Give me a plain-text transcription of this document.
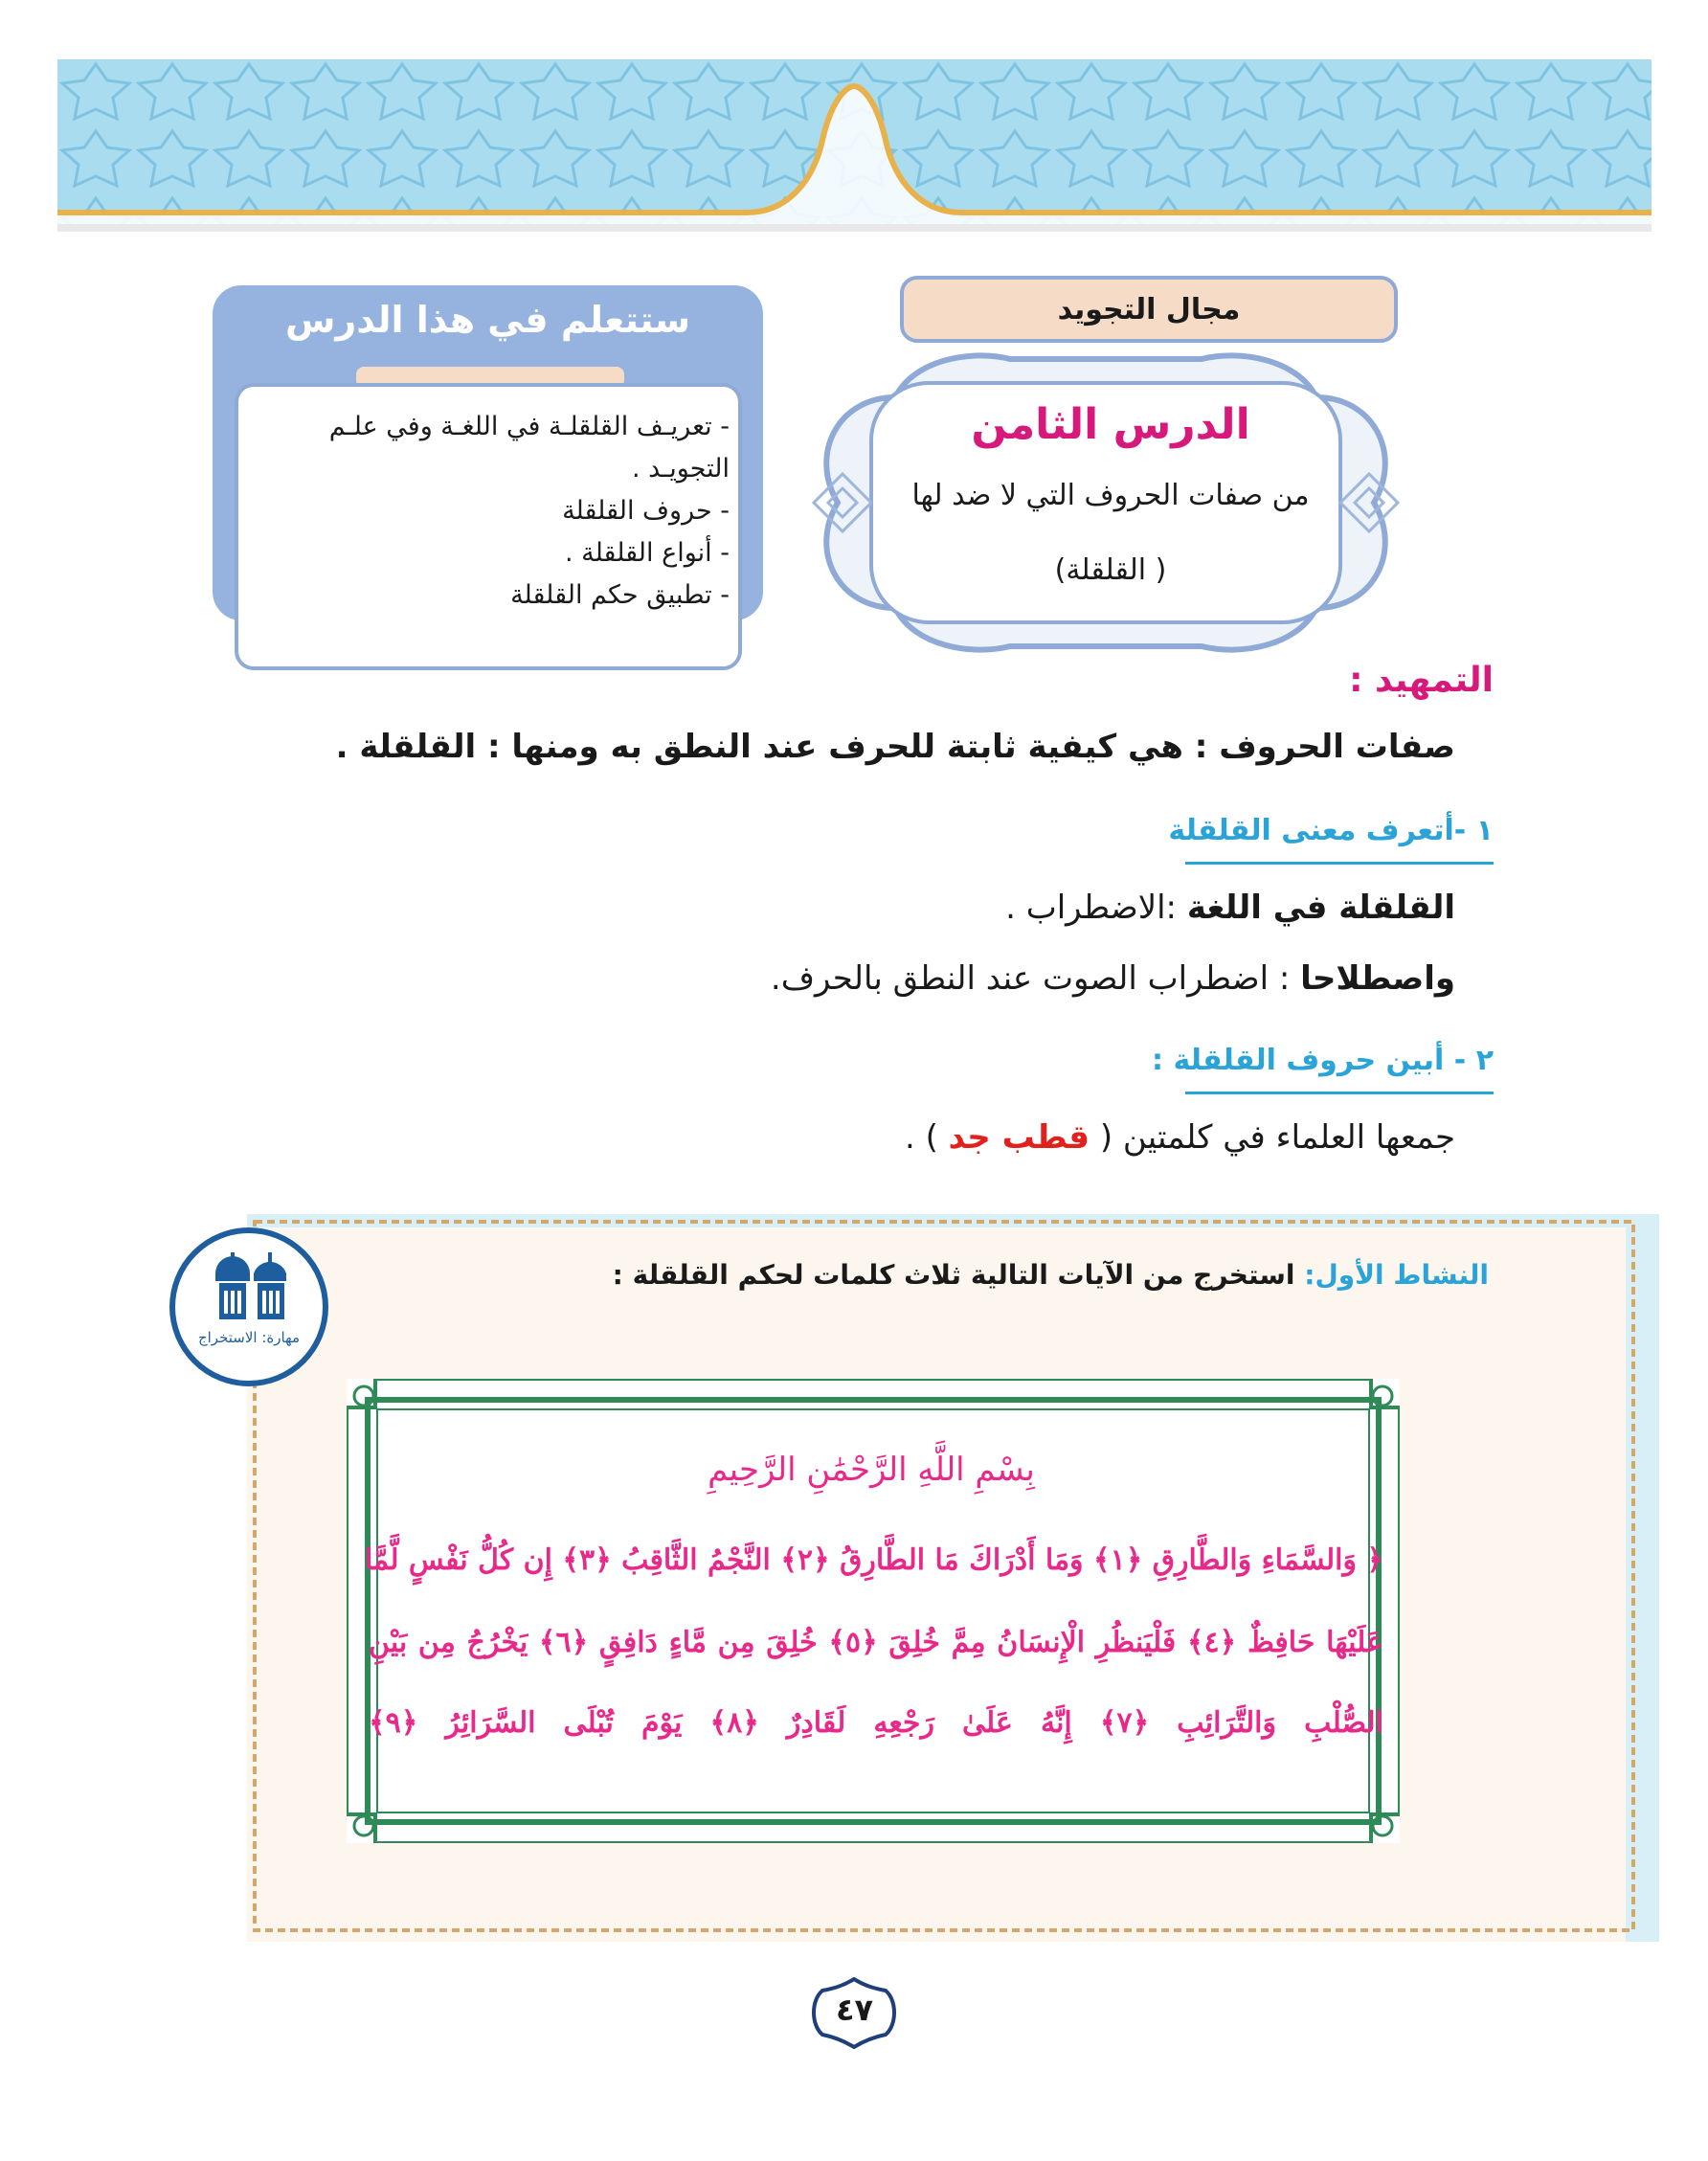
مجال التجويد
الدرس الثامن
من صفات الحروف التي لا ضد لها
( القلقلة)
ستتعلم في هذا الدرس
- تعريـف القلقلـة في اللغـة وفي علـم
التجويـد .
- حروف القلقلة
- أنواع القلقلة .
- تطبيق حكم القلقلة
التمهيد :
صفات الحروف : هي كيفية ثابتة للحرف عند النطق به ومنها : القلقلة .
١ -أتعرف معنى القلقلة
القلقلة في اللغة :الاضطراب .
واصطلاحا : اضطراب الصوت عند النطق بالحرف.
٢ - أبين حروف القلقلة :
جمعها العلماء في كلمتين ( قطب جد ) .
النشاط الأول: استخرج من الآيات التالية ثلاث كلمات لحكم القلقلة :
مهارة: الاستخراج
بِسْمِ اللَّهِ الرَّحْمَٰنِ الرَّحِيمِ
﴿ وَالسَّمَاءِ وَالطَّارِقِ ﴿١﴾ وَمَا أَدْرَاكَ مَا الطَّارِقُ ﴿٢﴾ النَّجْمُ الثَّاقِبُ ﴿٣﴾ إِن كُلُّ نَفْسٍ لَّمَّا
عَلَيْهَا حَافِظٌ ﴿٤﴾ فَلْيَنظُرِ الْإِنسَانُ مِمَّ خُلِقَ ﴿٥﴾ خُلِقَ مِن مَّاءٍ دَافِقٍ ﴿٦﴾ يَخْرُجُ مِن بَيْنِ
الصُّلْبِ وَالتَّرَائِبِ ﴿٧﴾ إِنَّهُ عَلَىٰ رَجْعِهِ لَقَادِرٌ ﴿٨﴾ يَوْمَ تُبْلَى السَّرَائِرُ ﴿٩﴾
٤٧
